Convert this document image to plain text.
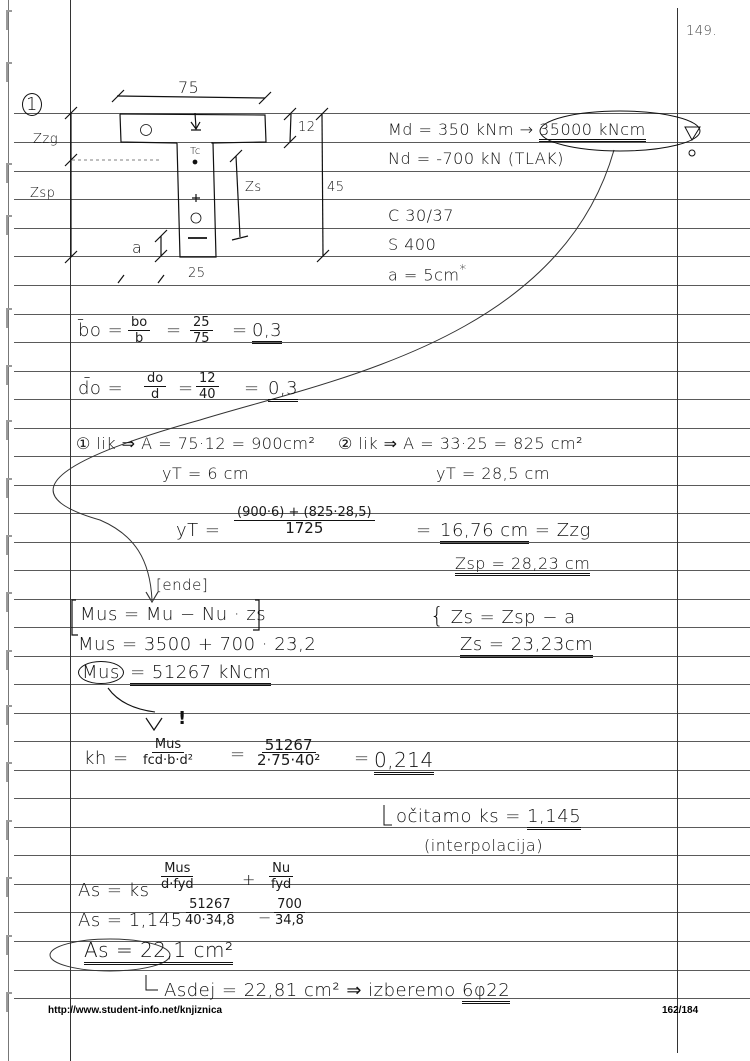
149.
1
75
12
45
25
Tc
Zzg
Zsp	Zs
a
Md = 350 kNm → 35000 kNcm
Nd = -700 kN (TLAK)
C 30/37
S 400
a = 5cm*
b̄o = $\frac{bo}{b} = \frac{25}{75} = 0,3$
d̄o = $\frac{do}{d} = \frac{12}{40} = 0,3$
① lik ⇒ A = 75·12 = 900cm² ② lik ⇒ A = 33·25 = 825 cm²
yT = 6 cm	yT = 28,5 cm
yT = $\frac{(900\cdot 6) + (825\cdot 28,5)}{1725} = 16,76$ cm = Zzg
Zsp = 28,23 cm
[ende]
Mus = Mu − Nu · zs
Mus = 3500 + 700 · 23,2
Mus = 51267 kNcm
{ Zs = Zsp − a
Zs = 23,23cm
!
kh =
Mus
$fcd\cdot b\cdot d^2 = \frac{51267}{\text{2·75·40²}} = 0,214$
očitamo ks = 1,145
(interpolacija)
As = ks
Mus
d·fyd	+
Nu
fyd
$As = 1,145 \frac{51267}{40\cdot 34,8} - \frac{700}{34,8}$
As = 22,1 cm²
Asdej = 22,81 cm² ⇒ izberemo 6φ22
http://www.student-info.net/knjiznica	162/184
